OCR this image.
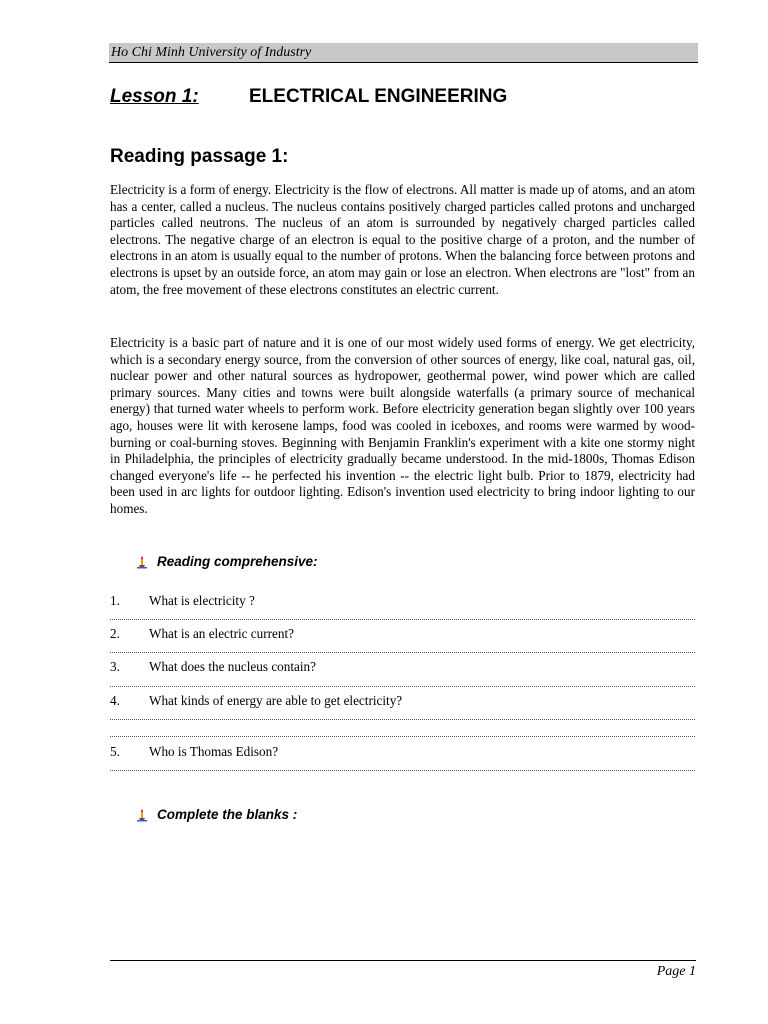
Ho Chi Minh University of Industry
Lesson 1:	ELECTRICAL ENGINEERING
Reading passage 1:

Electricity is a form of energy. Electricity is the flow of electrons. All matter is made up of atoms, and an atom has a center, called a nucleus. The nucleus contains positively charged particles called protons and uncharged particles called neutrons. The nucleus of an atom is surrounded by negatively charged particles called electrons. The negative charge of an electron is equal to the positive charge of a proton, and the number of electrons in an atom is usually equal to the number of protons. When the balancing force between protons and electrons is upset by an outside force, an atom may gain or lose an electron. When electrons are "lost" from an atom, the free movement of these electrons constitutes an electric current.

Electricity is a basic part of nature and it is one of our most widely used forms of energy. We get electricity, which is a secondary energy source, from the conversion of other sources of energy, like coal, natural gas, oil, nuclear power and other natural sources as hydropower, geothermal power, wind power which are called primary sources. Many cities and towns were built alongside waterfalls (a primary source of mechanical energy) that turned water wheels to perform work. Before electricity generation began slightly over 100 years ago, houses were lit with kerosene lamps, food was cooled in iceboxes, and rooms were warmed by wood-burning or coal-burning stoves. Beginning with Benjamin Franklin's experiment with a kite one stormy night in Philadelphia, the principles of electricity gradually became understood. In the mid-1800s, Thomas Edison changed everyone's life -- he perfected his invention -- the electric light bulb. Prior to 1879, electricity had been used in arc lights for outdoor lighting. Edison's invention used electricity to bring indoor lighting to our homes.

Reading comprehensive:
1. What is electricity ?
2. What is an electric current?
3. What does the nucleus contain?
4. What kinds of energy are able to get electricity?
5. Who is Thomas Edison?
Complete the blanks :
Page 1
